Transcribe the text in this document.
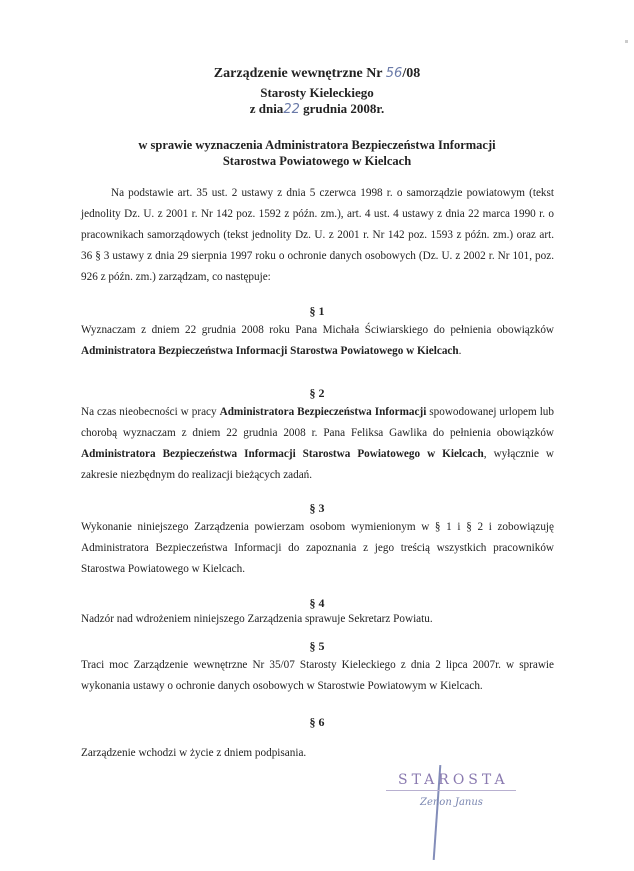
Zarządzenie wewnętrzne Nr 56/08
Starosty Kieleckiego
z dnia22 grudnia 2008r.
w sprawie wyznaczenia Administratora Bezpieczeństwa Informacji
Starostwa Powiatowego w Kielcach

Na podstawie art. 35 ust. 2 ustawy z dnia 5 czerwca 1998 r. o samorządzie powiatowym (tekst jednolity Dz. U. z 2001 r. Nr 142 poz. 1592 z późn. zm.), art. 4 ust. 4 ustawy z dnia 22 marca 1990 r. o pracownikach samorządowych (tekst jednolity Dz. U. z 2001 r. Nr 142 poz. 1593 z późn. zm.) oraz art. 36 § 3 ustawy z dnia 29 sierpnia 1997 roku o ochronie danych osobowych (Dz. U. z 2002 r. Nr 101, poz. 926 z późn. zm.) zarządzam, co następuje:

§ 1

Wyznaczam z dniem 22 grudnia 2008 roku Pana Michała Ściwiarskiego do pełnienia obowiązków Administratora Bezpieczeństwa Informacji Starostwa Powiatowego w Kielcach.

§ 2

Na czas nieobecności w pracy Administratora Bezpieczeństwa Informacji spowodowanej urlopem lub chorobą wyznaczam z dniem 22 grudnia 2008 r. Pana Feliksa Gawlika do pełnienia obowiązków Administratora Bezpieczeństwa Informacji Starostwa Powiatowego w Kielcach, wyłącznie w zakresie niezbędnym do realizacji bieżących zadań.

§ 3

Wykonanie niniejszego Zarządzenia powierzam osobom wymienionym w § 1 i § 2 i zobowiązuję Administratora Bezpieczeństwa Informacji do zapoznania z jego treścią wszystkich pracowników Starostwa Powiatowego w Kielcach.

§ 4

Nadzór nad wdrożeniem niniejszego Zarządzenia sprawuje Sekretarz Powiatu.

§ 5

Traci moc Zarządzenie wewnętrzne Nr 35/07 Starosty Kieleckiego z dnia 2 lipca 2007r. w sprawie wykonania ustawy o ochronie danych osobowych w Starostwie Powiatowym w Kielcach.

§ 6

Zarządzenie wchodzi w życie z dniem podpisania.

STAROSTA
Zenon Janus
